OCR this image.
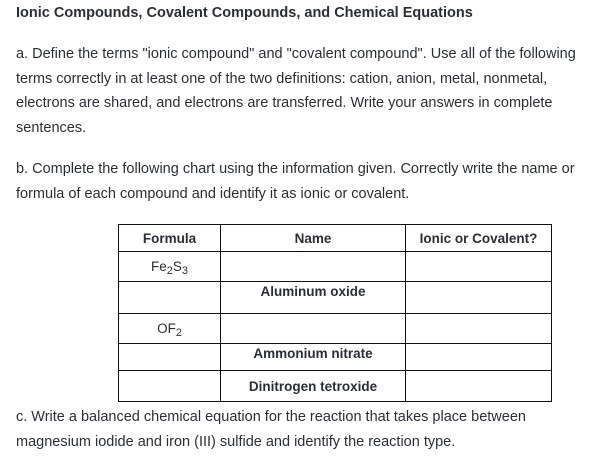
Ionic Compounds, Covalent Compounds, and Chemical Equations

a. Define the terms "ionic compound" and "covalent compound". Use all of the following terms correctly in at least one of the two definitions: cation, anion, metal, nonmetal, electrons are shared, and electrons are transferred. Write your answers in complete sentences.

b. Complete the following chart using the information given. Correctly write the name or formula of each compound and identify it as ionic or covalent.

Formula	Name	Ionic or Covalent?
$Fe_2S_3$		
	Aluminum oxide	
$OF_2$		
	Ammonium nitrate	
	Dinitrogen tetroxide	

c. Write a balanced chemical equation for the reaction that takes place between magnesium iodide and iron (III) sulfide and identify the reaction type.
